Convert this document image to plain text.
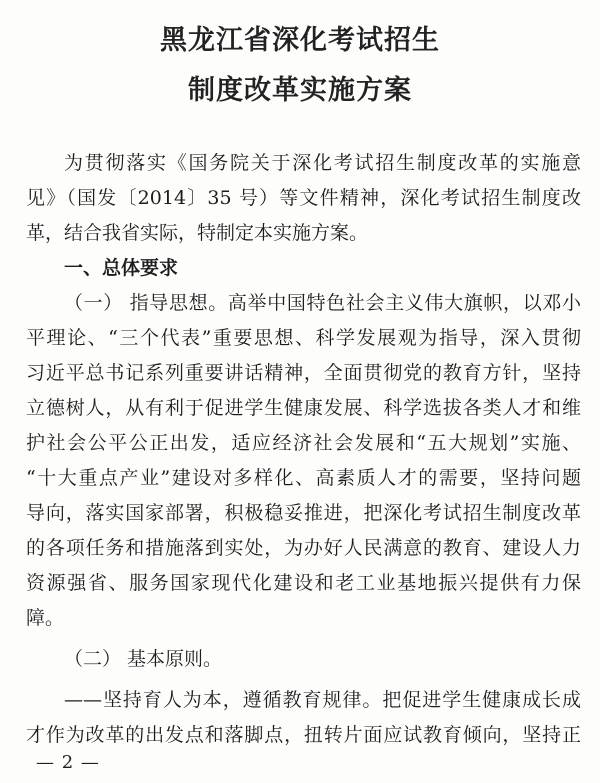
黑龙江省深化考试招生
制度改革实施方案
为贯彻落实《国务院关于深化考试招生制度改革的实施意
见》（国发〔2014〕35 号）等文件精神，深化考试招生制度改
革，结合我省实际，特制定本实施方案。
一、总体要求
（一） 指导思想。高举中国特色社会主义伟大旗帜，以邓小
平理论、“三个代表”重要思想、科学发展观为指导，深入贯彻
习近平总书记系列重要讲话精神，全面贯彻党的教育方针，坚持
立德树人，从有利于促进学生健康发展、科学选拔各类人才和维
护社会公平公正出发，适应经济社会发展和“五大规划”实施、
“十大重点产业”建设对多样化、高素质人才的需要，坚持问题
导向，落实国家部署，积极稳妥推进，把深化考试招生制度改革
的各项任务和措施落到实处，为办好人民满意的教育、建设人力
资源强省、服务国家现代化建设和老工业基地振兴提供有力保
障。
（二） 基本原则。
——坚持育人为本，遵循教育规律。把促进学生健康成长成
才作为改革的出发点和落脚点，扭转片面应试教育倾向，坚持正
— 2 —
